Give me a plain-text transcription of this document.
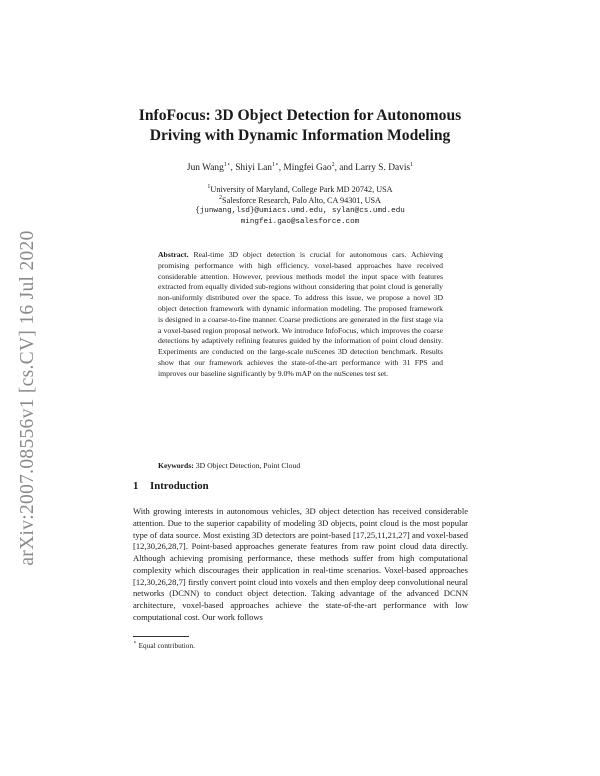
arXiv:2007.08556v1 [cs.CV] 16 Jul 2020
InfoFocus: 3D Object Detection for Autonomous
Driving with Dynamic Information Modeling
Jun Wang$^{1⋆}$, Shiyi Lan$^{1⋆}$, Mingfei Gao$^2$, and Larry S. Davis$^1$
$^1$University of Maryland, College Park MD 20742, USA
$^2$Salesforce Research, Palo Alto, CA 94301, USA
{junwang,lsd}@umiacs.umd.edu, sylan@cs.umd.edu
mingfei.gao@salesforce.com
Abstract. Real-time 3D object detection is crucial for autonomous cars. Achieving promising performance with high efficiency, voxel-based approaches have received considerable attention. However, previous methods model the input space with features extracted from equally divided sub-regions without considering that point cloud is generally non-uniformly distributed over the space. To address this issue, we propose a novel 3D object detection framework with dynamic information modeling. The proposed framework is designed in a coarse-to-fine manner. Coarse predictions are generated in the first stage via a voxel-based region proposal network. We introduce InfoFocus, which improves the coarse detections by adaptively refining features guided by the information of point cloud density. Experiments are conducted on the large-scale nuScenes 3D detection benchmark. Results show that our framework achieves the state-of-the-art performance with 31 FPS and improves our baseline significantly by 9.0% mAP on the nuScenes test set.
Keywords: 3D Object Detection, Point Cloud
1 Introduction
With growing interests in autonomous vehicles, 3D object detection has received considerable attention. Due to the superior capability of modeling 3D objects, point cloud is the most popular type of data source. Most existing 3D detectors are point-based [17,25,11,21,27] and voxel-based [12,30,26,28,7]. Point-based approaches generate features from raw point cloud data directly. Although achieving promising performance, these methods suffer from high computational complexity which discourages their application in real-time scenarios. Voxel-based approaches [12,30,26,28,7] firstly convert point cloud into voxels and then employ deep convolutional neural networks (DCNN) to conduct object detection. Taking advantage of the advanced DCNN architecture, voxel-based approaches achieve the state-of-the-art performance with low computational cost. Our work follows
⋆ Equal contribution.
